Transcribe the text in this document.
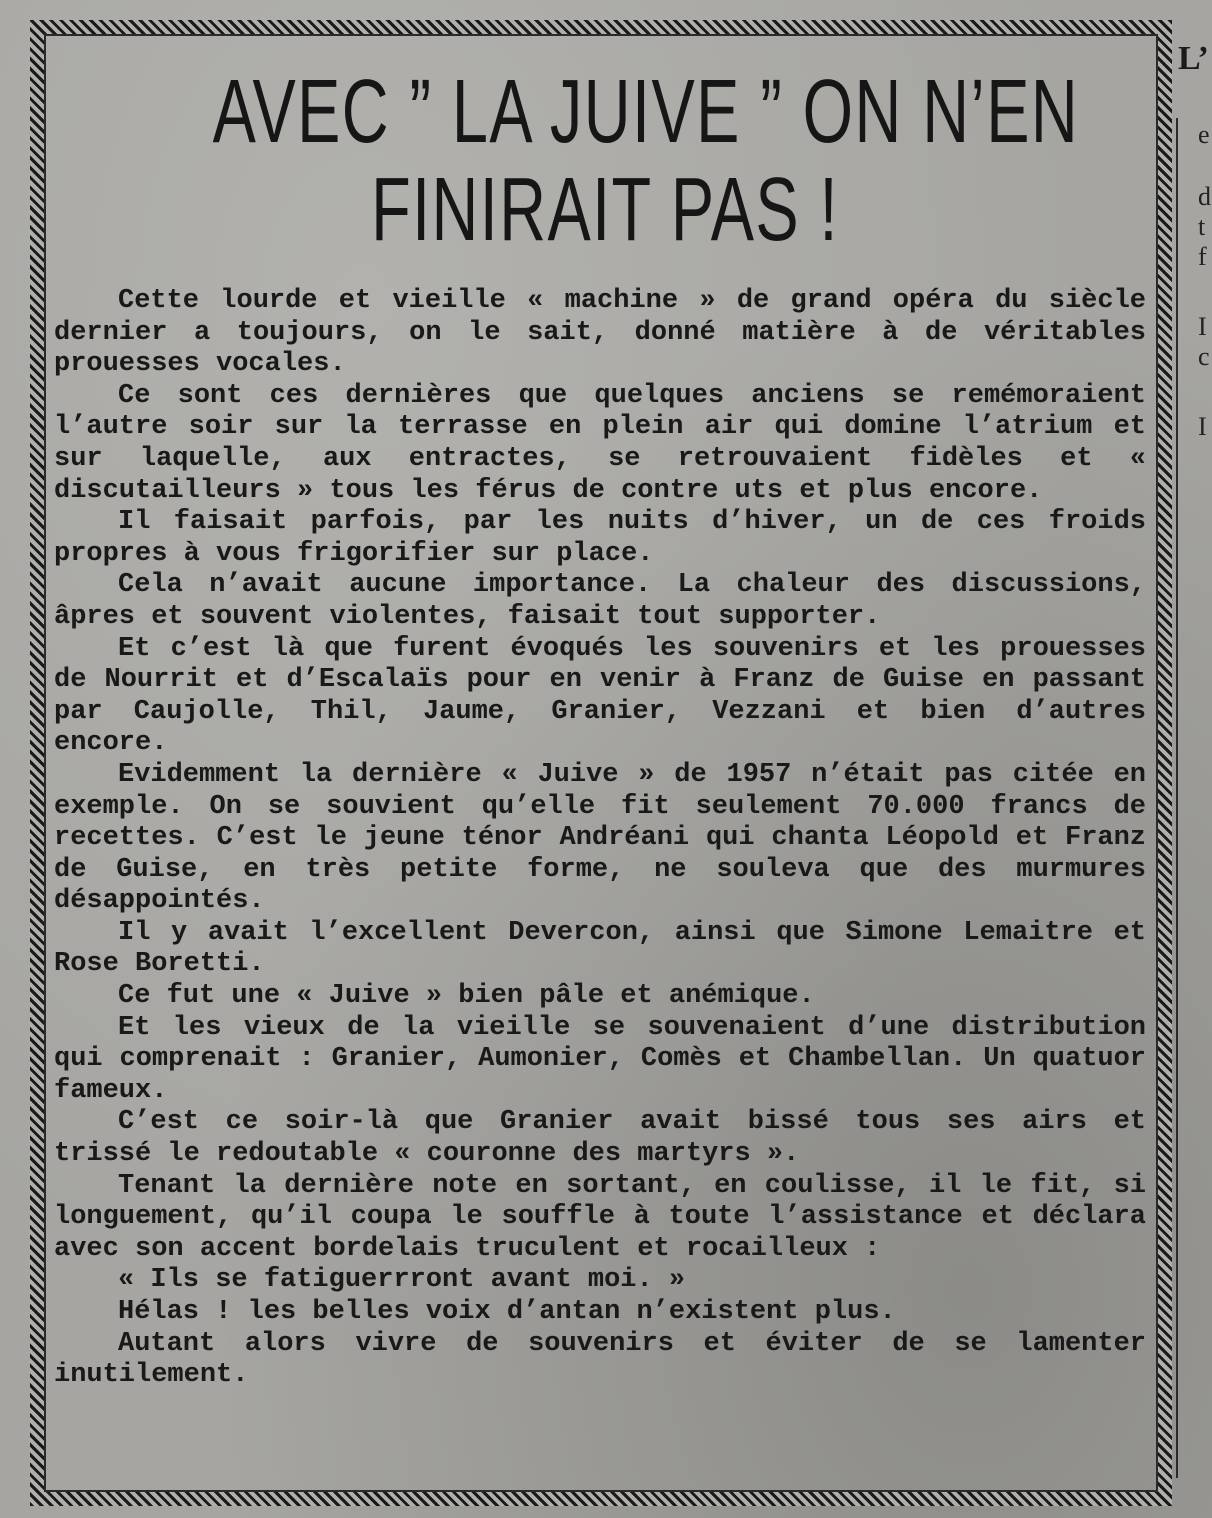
L’
e
d
t
f
I
c
I
AVEC ” LA JUIVE ” ON N’EN
FINIRAIT PAS !

Cette lourde et vieille « machine » de grand opéra du siècle dernier a toujours, on le sait, donné matière à de véritables prouesses vocales.

Ce sont ces dernières que quelques anciens se remémoraient l’autre soir sur la terrasse en plein air qui domine l’atrium et sur laquelle, aux entractes, se retrouvaient fidèles et « discutailleurs » tous les férus de contre uts et plus encore.

Il faisait parfois, par les nuits d’hiver, un de ces froids propres à vous frigorifier sur place.

Cela n’avait aucune importance. La chaleur des discussions, âpres et souvent violentes, faisait tout supporter.

Et c’est là que furent évoqués les souvenirs et les prouesses de Nourrit et d’Escalaïs pour en venir à Franz de Guise en passant par Caujolle, Thil, Jaume, Granier, Vezzani et bien d’autres encore.

Evidemment la dernière « Juive » de 1957 n’était pas citée en exemple. On se souvient qu’elle fit seulement 70.000 francs de recettes. C’est le jeune ténor Andréani qui chanta Léopold et Franz de Guise, en très petite forme, ne souleva que des murmures désappointés.

Il y avait l’excellent Devercon, ainsi que Simone Lemaitre et Rose Boretti.

Ce fut une « Juive » bien pâle et anémique.

Et les vieux de la vieille se souvenaient d’une distribution qui comprenait : Granier, Aumonier, Comès et Chambellan. Un quatuor fameux.

C’est ce soir-là que Granier avait bissé tous ses airs et trissé le redoutable « couronne des martyrs ».

Tenant la dernière note en sortant, en coulisse, il le fit, si longuement, qu’il coupa le souffle à toute l’assistance et déclara avec son accent bordelais truculent et rocailleux :

« Ils se fatiguerrront avant moi. »

Hélas ! les belles voix d’antan n’existent plus.

Autant alors vivre de souvenirs et éviter de se lamenter inutilement.
